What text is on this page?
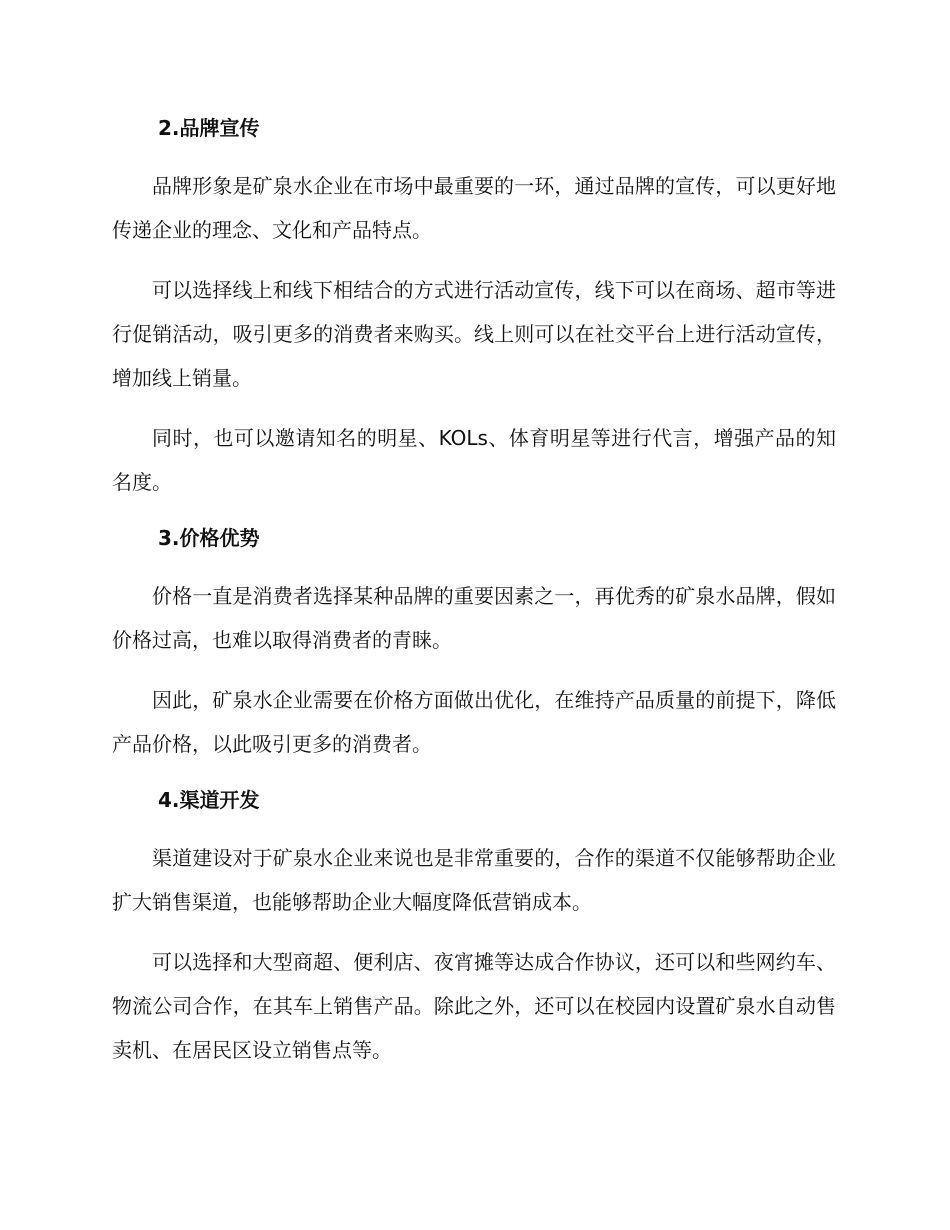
2.品牌宣传

品牌形象是矿泉水企业在市场中最重要的一环，通过品牌的宣传，可以更好地传递企业的理念、文化和产品特点。

可以选择线上和线下相结合的方式进行活动宣传，线下可以在商场、超市等进行促销活动，吸引更多的消费者来购买。线上则可以在社交平台上进行活动宣传，增加线上销量。

同时，也可以邀请知名的明星、KOLs、体育明星等进行代言，增强产品的知名度。

3.价格优势

价格一直是消费者选择某种品牌的重要因素之一，再优秀的矿泉水品牌，假如价格过高，也难以取得消费者的青睐。

因此，矿泉水企业需要在价格方面做出优化，在维持产品质量的前提下，降低产品价格，以此吸引更多的消费者。

4.渠道开发

渠道建设对于矿泉水企业来说也是非常重要的，合作的渠道不仅能够帮助企业扩大销售渠道，也能够帮助企业大幅度降低营销成本。

可以选择和大型商超、便利店、夜宵摊等达成合作协议，还可以和些网约车、物流公司合作，在其车上销售产品。除此之外，还可以在校园内设置矿泉水自动售卖机、在居民区设立销售点等。
